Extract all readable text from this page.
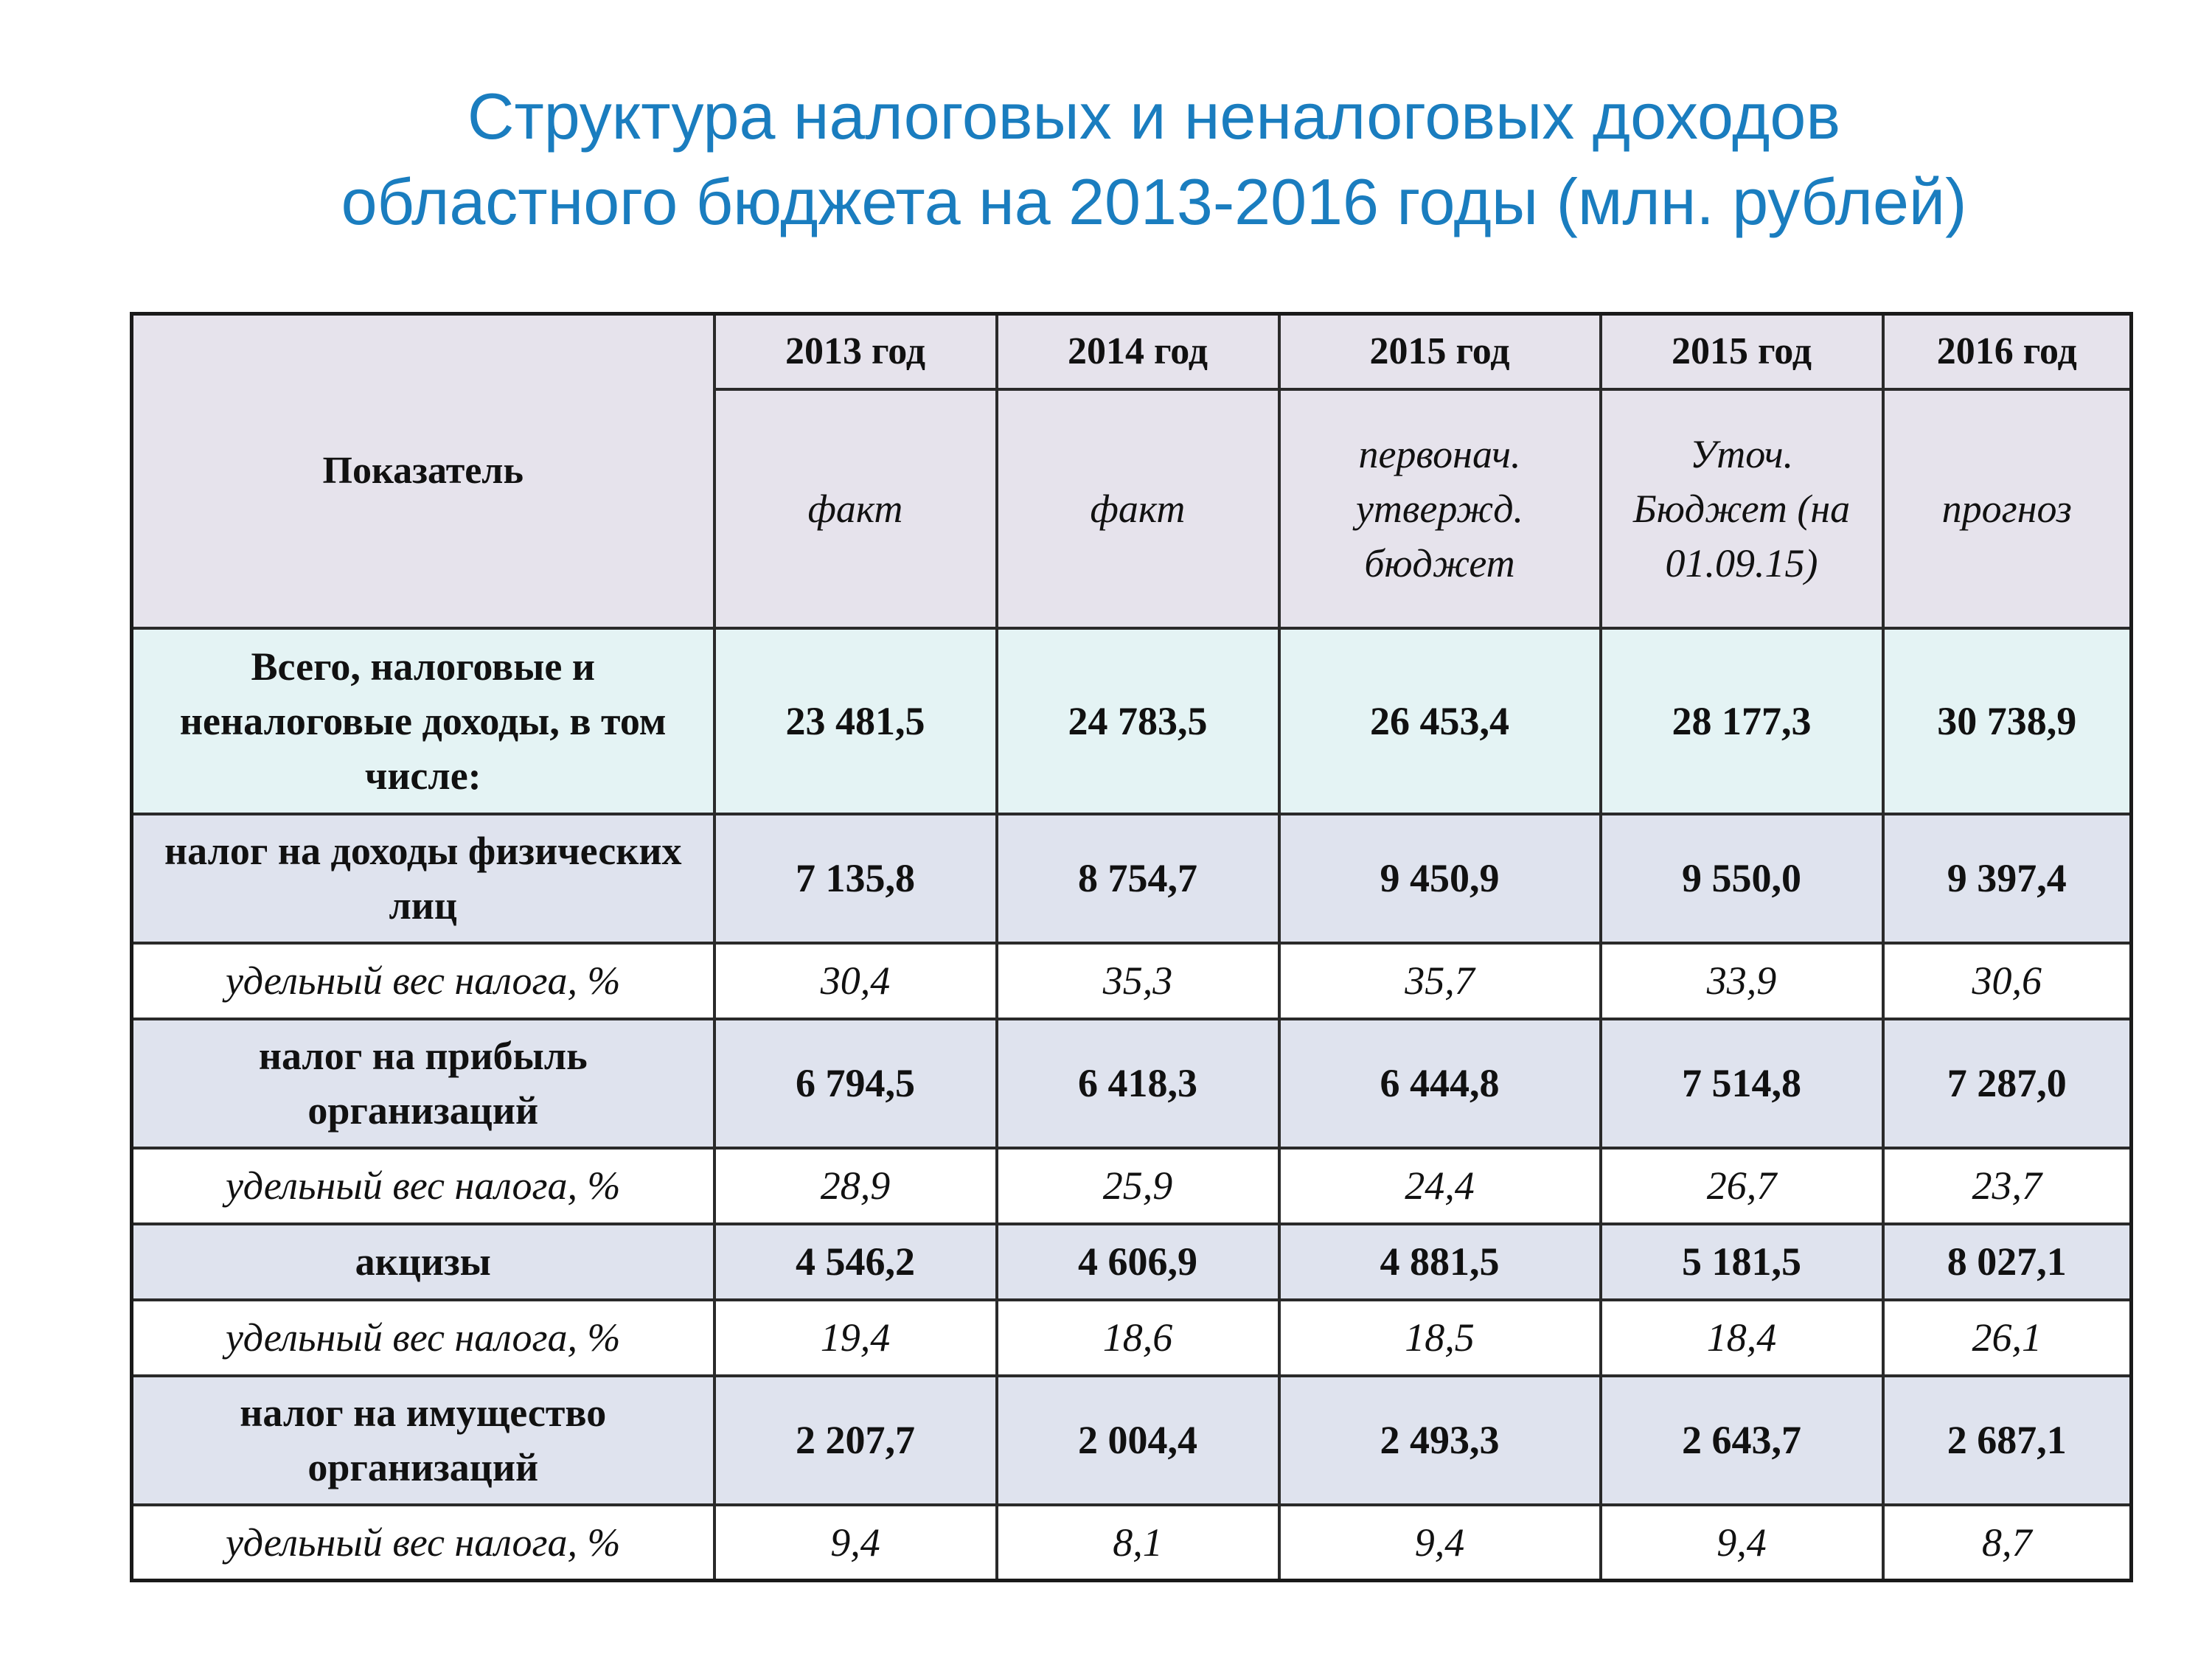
Структура налоговых и неналоговых доходов
областного бюджета на 2013-2016 годы (млн. рублей)
Показатель	2013 год	2014 год	2015 год	2015 год	2016 год
	факт	факт	первонач. утвержд. бюджет	Уточ. Бюджет (на 01.09.15)	прогноз
Всего, налоговые и неналоговые доходы, в том числе:	23 481,5	24 783,5	26 453,4	28 177,3	30 738,9
налог на доходы физических лиц	7 135,8	8 754,7	9 450,9	9 550,0	9 397,4
удельный вес налога, %	30,4	35,3	35,7	33,9	30,6
налог на прибыль организаций	6 794,5	6 418,3	6 444,8	7 514,8	7 287,0
удельный вес налога, %	28,9	25,9	24,4	26,7	23,7
акцизы	4 546,2	4 606,9	4 881,5	5 181,5	8 027,1
удельный вес налога, %	19,4	18,6	18,5	18,4	26,1
налог на имущество организаций	2 207,7	2 004,4	2 493,3	2 643,7	2 687,1
удельный вес налога, %	9,4	8,1	9,4	9,4	8,7
